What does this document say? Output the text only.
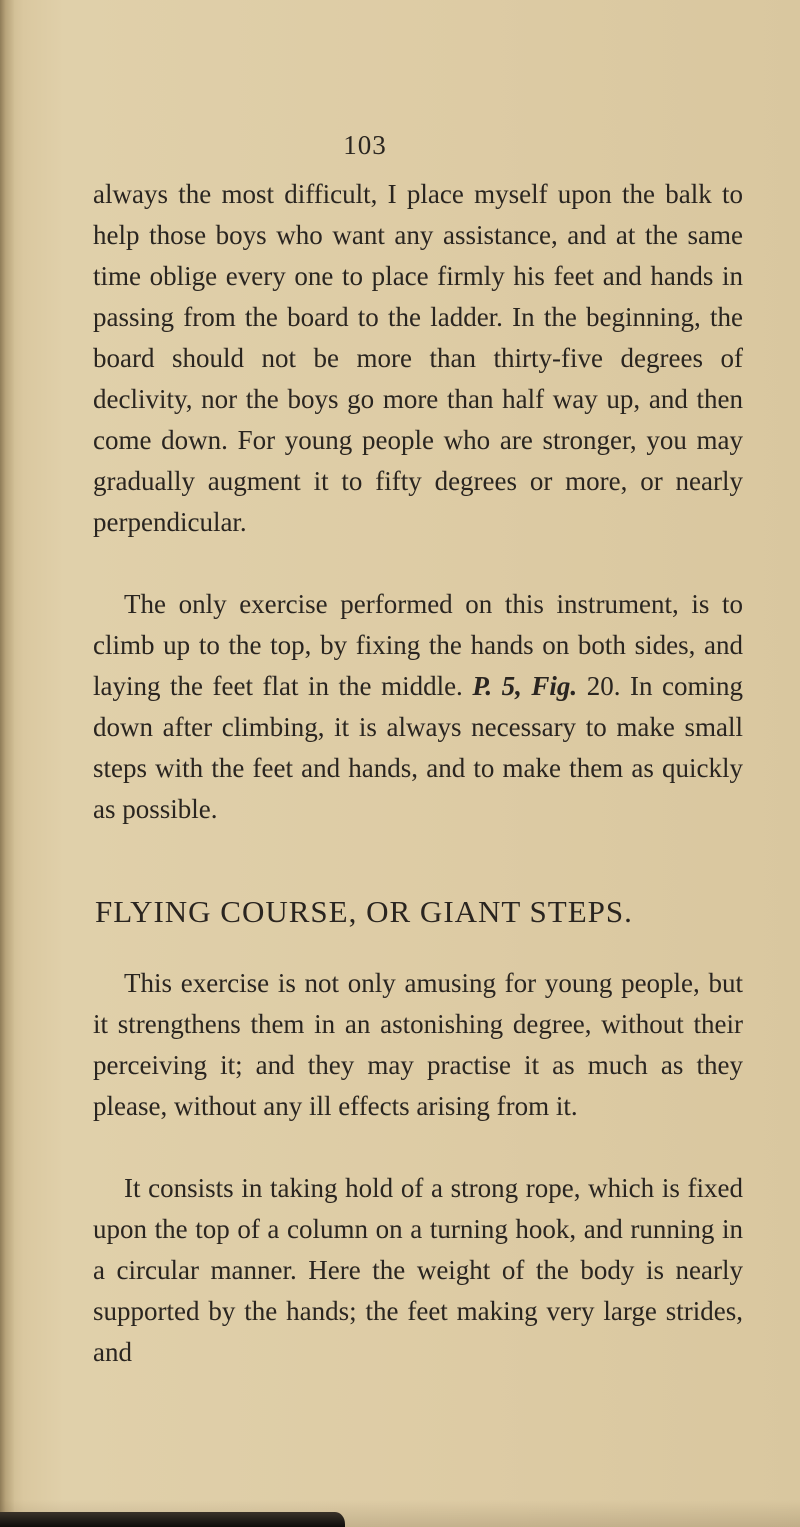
103

always the most difficult, I place myself upon the balk to help those boys who want any assistance, and at the same time oblige every one to place firmly his feet and hands in passing from the board to the ladder. In the beginning, the board should not be more than thirty-five degrees of declivity, nor the boys go more than half way up, and then come down. For young people who are stronger, you may gradually augment it to fifty degrees or more, or nearly perpendicular.

The only exercise performed on this instrument, is to climb up to the top, by fixing the hands on both sides, and laying the feet flat in the middle. P. 5, Fig. 20. In coming down after climbing, it is always necessary to make small steps with the feet and hands, and to make them as quickly as possible.

FLYING COURSE, OR GIANT STEPS.

This exercise is not only amusing for young people, but it strengthens them in an astonishing degree, without their perceiving it; and they may practise it as much as they please, without any ill effects arising from it.

It consists in taking hold of a strong rope, which is fixed upon the top of a column on a turning hook, and running in a circular manner. Here the weight of the body is nearly supported by the hands; the feet making very large strides, and
